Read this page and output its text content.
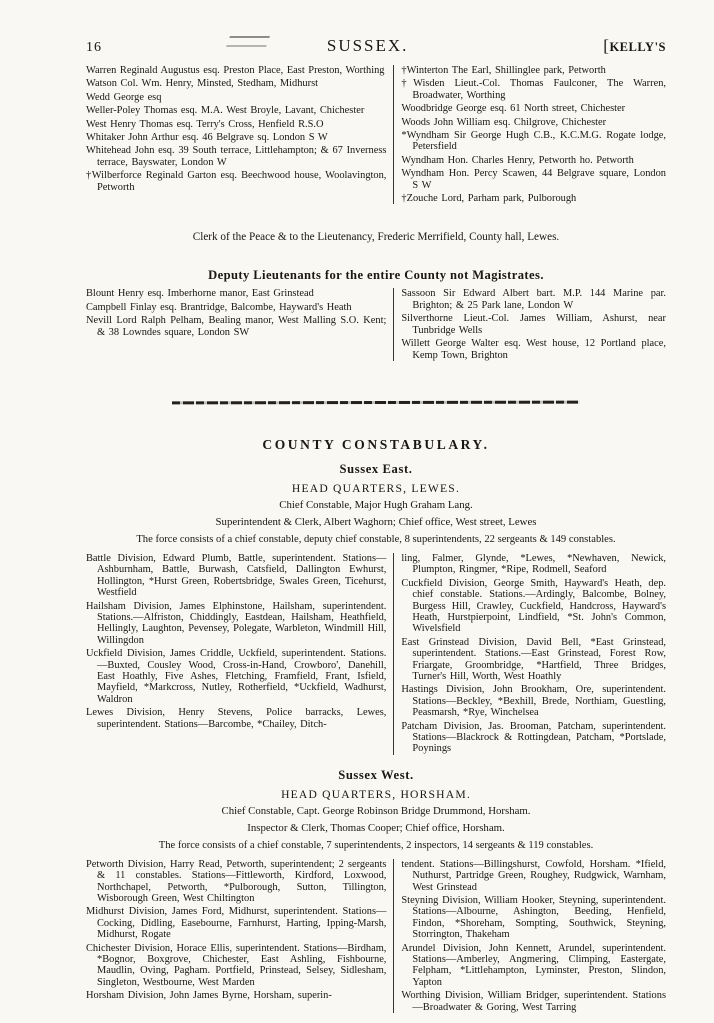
16	SUSSEX.	[KELLY'S
Warren Reginald Augustus esq. Preston Place, East Preston, Worthing
Watson Col. Wm. Henry, Minsted, Stedham, Midhurst
Wedd George esq
Weller-Poley Thomas esq. M.A. West Broyle, Lavant, Chichester
West Henry Thomas esq. Terry's Cross, Henfield R.S.O
Whitaker John Arthur esq. 46 Belgrave sq. London S W
Whitehead John esq. 39 South terrace, Littlehampton; & 67 Inverness terrace, Bayswater, London W
†Wilberforce Reginald Garton esq. Beechwood house, Woolavington, Petworth
†Winterton The Earl, Shillinglee park, Petworth
†Wisden Lieut.-Col. Thomas Faulconer, The Warren, Broadwater, Worthing
Woodbridge George esq. 61 North street, Chichester
Woods John William esq. Chilgrove, Chichester
*Wyndham Sir George Hugh C.B., K.C.M.G. Rogate lodge, Petersfield
Wyndham Hon. Charles Henry, Petworth ho. Petworth
Wyndham Hon. Percy Scawen, 44 Belgrave square, London S W
†Zouche Lord, Parham park, Pulborough
Clerk of the Peace & to the Lieutenancy, Frederic Merrifield, County hall, Lewes.
Deputy Lieutenants for the entire County not Magistrates.
Blount Henry esq. Imberhorne manor, East Grinstead
Campbell Finlay esq. Brantridge, Balcombe, Hayward's Heath
Nevill Lord Ralph Pelham, Bealing manor, West Malling S.O. Kent; & 38 Lowndes square, London SW
Sassoon Sir Edward Albert bart. M.P. 144 Marine par. Brighton; & 25 Park lane, London W
Silverthorne Lieut.-Col. James William, Ashurst, near Tunbridge Wells
Willett George Walter esq. West house, 12 Portland place, Kemp Town, Brighton
COUNTY CONSTABULARY.
Sussex East.
HEAD QUARTERS, LEWES.
Chief Constable, Major Hugh Graham Lang.
Superintendent & Clerk, Albert Waghorn; Chief office, West street, Lewes
The force consists of a chief constable, deputy chief constable, 8 superintendents, 22 sergeants & 149 constables.
Battle Division, Edward Plumb, Battle, superintendent. Stations—Ashburnham, Battle, Burwash, Catsfield, Dallington Ewhurst, Hollington, *Hurst Green, Robertsbridge, Swales Green, Ticehurst, Westfield
Hailsham Division, James Elphinstone, Hailsham, superintendent. Stations.—Alfriston, Chiddingly, Eastdean, Hailsham, Heathfield, Hellingly, Laughton, Pevensey, Polegate, Warbleton, Windmill Hill, Willingdon
Uckfield Division, James Criddle, Uckfield, superintendent. Stations.—Buxted, Cousley Wood, Cross-in-Hand, Crowboro', Danehill, East Hoathly, Five Ashes, Fletching, Framfield, Frant, Isfield, Mayfield, *Markcross, Nutley, Rotherfield, *Uckfield, Wadhurst, Waldron
Lewes Division, Henry Stevens, Police barracks, Lewes, superintendent. Stations—Barcombe, *Chailey, Ditch-
ling, Falmer, Glynde, *Lewes, *Newhaven, Newick, Plumpton, Ringmer, *Ripe, Rodmell, Seaford
Cuckfield Division, George Smith, Hayward's Heath, dep. chief constable. Stations.—Ardingly, Balcombe, Bolney, Burgess Hill, Crawley, Cuckfield, Handcross, Hayward's Heath, Hurstpierpoint, Lindfield, *St. John's Common, Wivelsfield
East Grinstead Division, David Bell, *East Grinstead, superintendent. Stations.—East Grinstead, Forest Row, Friargate, Groombridge, *Hartfield, Three Bridges, Turner's Hill, Worth, West Hoathly
Hastings Division, John Brookham, Ore, superintendent. Stations—Beckley, *Bexhill, Brede, Northiam, Guestling, Peasmarsh, *Rye, Winchelsea
Patcham Division, Jas. Brooman, Patcham, superintendent. Stations—Blackrock & Rottingdean, Patcham, *Portslade, Poynings
Sussex West.
HEAD QUARTERS, HORSHAM.
Chief Constable, Capt. George Robinson Bridge Drummond, Horsham.
Inspector & Clerk, Thomas Cooper; Chief office, Horsham.
The force consists of a chief constable, 7 superintendents, 2 inspectors, 14 sergeants & 119 constables.
Petworth Division, Harry Read, Petworth, superintendent; 2 sergeants & 11 constables. Stations—Fittleworth, Kirdford, Loxwood, Northchapel, Petworth, *Pulborough, Sutton, Tillington, Wisborough Green, West Chiltington
Midhurst Division, James Ford, Midhurst, superintendent. Stations—Cocking, Didling, Easebourne, Farnhurst, Harting, Ipping-Marsh, Midhurst, Rogate
Chichester Division, Horace Ellis, superintendent. Stations—Birdham, *Bognor, Boxgrove, Chichester, East Ashling, Fishbourne, Maudlin, Oving, Pagham. Portfield, Prinstead, Selsey, Sidlesham, Singleton, Westbourne, West Marden
Horsham Division, John James Byrne, Horsham, superin-
tendent. Stations—Billingshurst, Cowfold, Horsham. *Ifield, Nuthurst, Partridge Green, Roughey, Rudgwick, Warnham, West Grinstead
Steyning Division, William Hooker, Steyning, superintendent. Stations—Albourne, Ashington, Beeding, Henfield, Findon, *Shoreham, Sompting, Southwick, Steyning, Storrington, Thakeham
Arundel Division, John Kennett, Arundel, superintendent. Stations—Amberley, Angmering, Climping, Eastergate, Felpham, *Littlehampton, Lyminster, Preston, Slindon, Yapton
Worthing Division, William Bridger, superintendent. Stations—Broadwater & Goring, West Tarring
